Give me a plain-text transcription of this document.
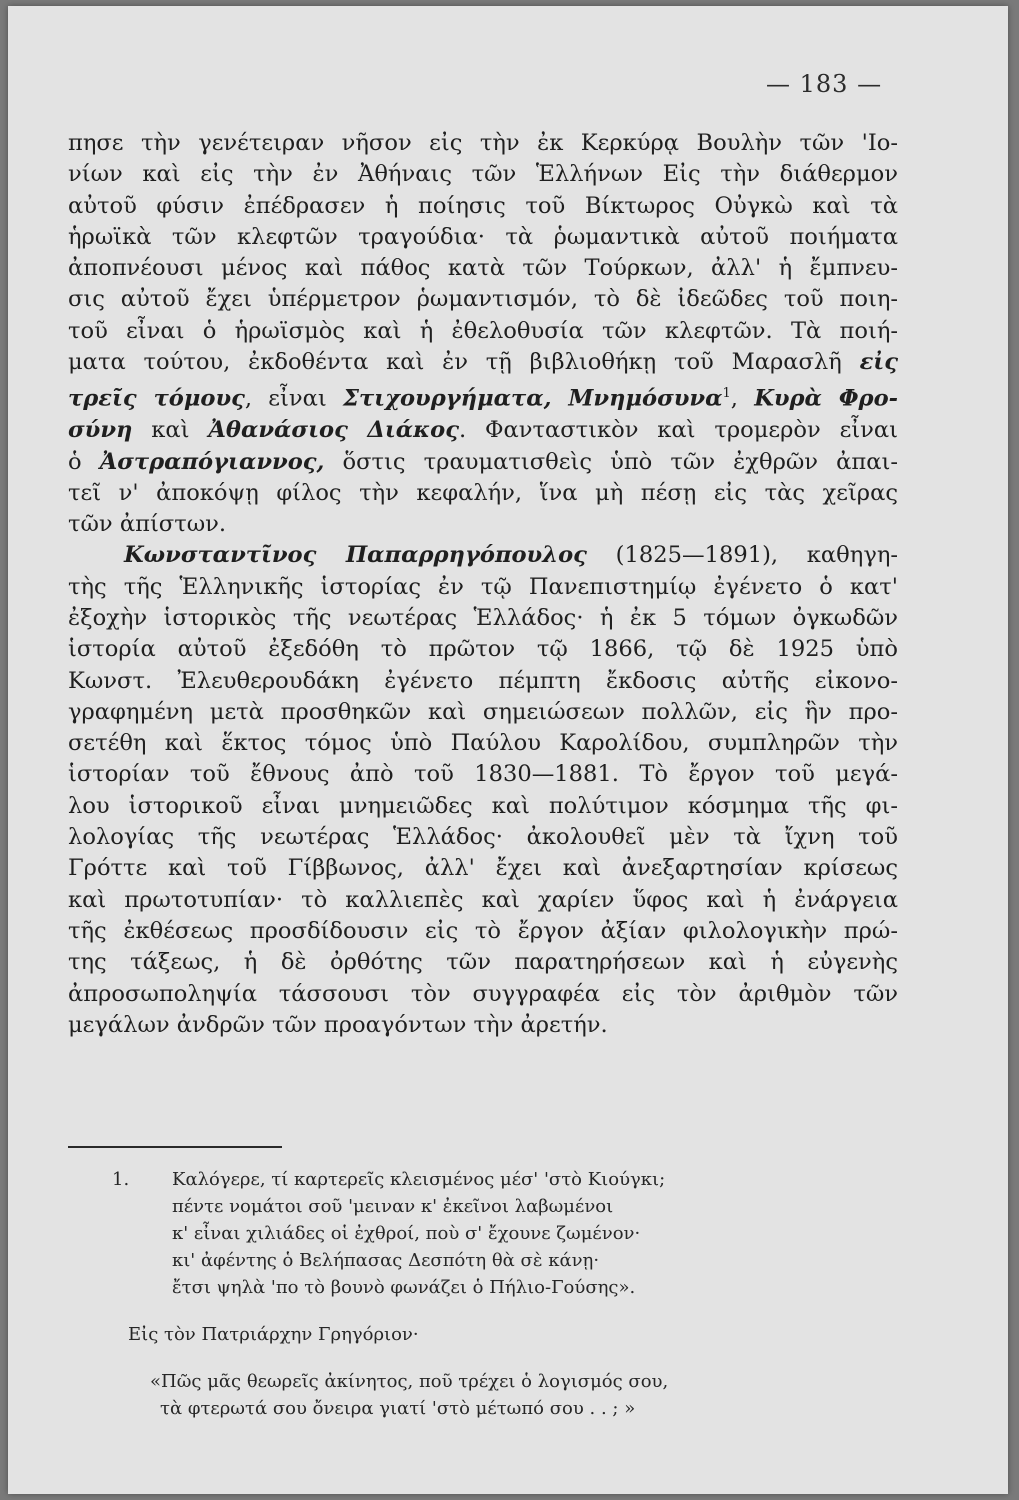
— 183 —
πησε τὴν γενέτειραν νῆσον εἰς τὴν ἐκ Κερκύρᾳ Βουλὴν τῶν 'Ιο-
νίων καὶ εἰς τὴν ἐν Ἀθήναις τῶν Ἑλλήνων Εἰς τὴν διάθερμον
αὐτοῦ φύσιν ἐπέδρασεν ἡ ποίησις τοῦ Βίκτωρος Οὐγκὼ καὶ τὰ
ἡρωϊκὰ τῶν κλεφτῶν τραγούδια· τὰ ῥωμαντικὰ αὐτοῦ ποιήματα
ἀποπνέουσι μένος καὶ πάθος κατὰ τῶν Τούρκων, ἀλλ' ἡ ἔμπνευ-
σις αὐτοῦ ἔχει ὑπέρμετρον ῥωμαντισμόν, τὸ δὲ ἰδεῶδες τοῦ ποιη-
τοῦ εἶναι ὁ ἡρωϊσμὸς καὶ ἡ ἐθελοθυσία τῶν κλεφτῶν. Τὰ ποιή-
ματα τούτου, ἐκδοθέντα καὶ ἐν τῇ βιβλιοθήκῃ τοῦ Μαρασλῆ εἰς
τρεῖς τόμους, εἶναι Στιχουργήματα, Μνημόσυνα$^1$, Κυρὰ Φρο-
σύνη καὶ Ἀθανάσιος Διάκος. Φανταστικὸν καὶ τρομερὸν εἶναι
ὁ Ἀστραπόγιαννος, ὅστις τραυματισθεὶς ὑπὸ τῶν ἐχθρῶν ἀπαι-
τεῖ ν' ἀποκόψῃ φίλος τὴν κεφαλήν, ἵνα μὴ πέσῃ εἰς τὰς χεῖρας
τῶν ἀπίστων.
Κωνσταντῖνος Παπαρρηγόπουλος (1825—1891), καθηγη-
τὴς τῆς Ἑλληνικῆς ἱστορίας ἐν τῷ Πανεπιστημίῳ ἐγένετο ὁ κατ'
ἐξοχὴν ἱστορικὸς τῆς νεωτέρας Ἑλλάδος· ἡ ἐκ 5 τόμων ὀγκωδῶν
ἱστορία αὐτοῦ ἐξεδόθη τὸ πρῶτον τῷ 1866, τῷ δὲ 1925 ὑπὸ
Κωνστ. Ἐλευθερουδάκη ἐγένετο πέμπτη ἔκδοσις αὐτῆς εἰκονο-
γραφημένη μετὰ προσθηκῶν καὶ σημειώσεων πολλῶν, εἰς ἣν προ-
σετέθη καὶ ἕκτος τόμος ὑπὸ Παύλου Καρολίδου, συμπληρῶν τὴν
ἱστορίαν τοῦ ἔθνους ἀπὸ τοῦ 1830—1881. Τὸ ἔργον τοῦ μεγά-
λου ἱστορικοῦ εἶναι μνημειῶδες καὶ πολύτιμον κόσμημα τῆς φι-
λολογίας τῆς νεωτέρας Ἑλλάδος· ἀκολουθεῖ μὲν τὰ ἴχνη τοῦ
Γρόττε καὶ τοῦ Γίββωνος, ἀλλ' ἔχει καὶ ἀνεξαρτησίαν κρίσεως
καὶ πρωτοτυπίαν· τὸ καλλιεπὲς καὶ χαρίεν ὕφος καὶ ἡ ἐνάργεια
τῆς ἐκθέσεως προσδίδουσιν εἰς τὸ ἔργον ἀξίαν φιλολογικὴν πρώ-
της τάξεως, ἡ δὲ ὀρθότης τῶν παρατηρήσεων καὶ ἡ εὐγενὴς
ἀπροσωποληψία τάσσουσι τὸν συγγραφέα εἰς τὸν ἀριθμὸν τῶν
μεγάλων ἀνδρῶν τῶν προαγόντων τὴν ἀρετήν.
1. Καλόγερε, τί καρτερεῖς κλεισμένος μέσ' 'στὸ Κιούγκι;
πέντε νομάτοι σοῦ 'μειναν κ' ἐκεῖνοι λαβωμένοι
κ' εἶναι χιλιάδες οἱ ἐχθροί, ποὺ σ' ἔχουνε ζωμένον·
κι' ἀφέντης ὁ Βελήπασας Δεσπότη θὰ σὲ κάνῃ·
ἔτσι ψηλὰ 'πο τὸ βουνὸ φωνάζει ὁ Πήλιο-Γούσης».
Εἰς τὸν Πατριάρχην Γρηγόριον·
«Πῶς μᾶς θεωρεῖς ἀκίνητος, ποῦ τρέχει ὁ λογισμός σου,
τὰ φτερωτά σου ὄνειρα γιατί 'στὸ μέτωπό σου . . ; »
